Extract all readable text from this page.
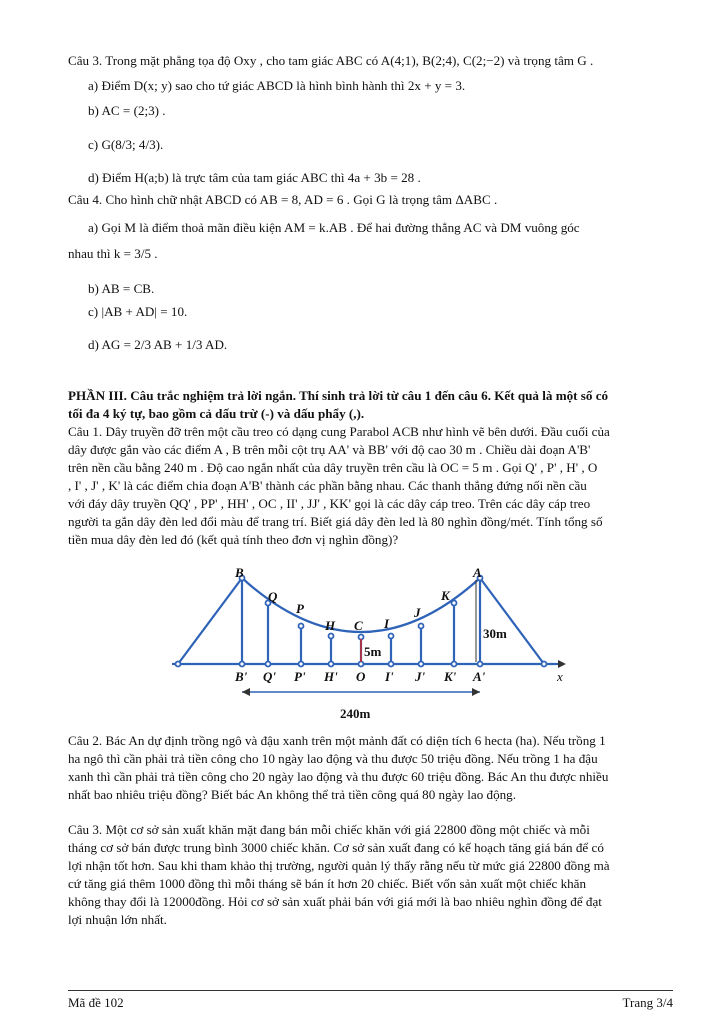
Câu 3. Trong mặt phẳng tọa độ Oxy , cho tam giác ABC có A(4;1), B(2;4), C(2;−2) và trọng tâm G .
a) Điểm D(x; y) sao cho tứ giác ABCD là hình bình hành thì 2x + y = 3.
b) AC = (2;3) .
c) G(8/3; 4/3).
d) Điểm H(a;b) là trực tâm của tam giác ABC thì 4a + 3b = 28 .
Câu 4. Cho hình chữ nhật ABCD có AB = 8, AD = 6 . Gọi G là trọng tâm ΔABC .
a) Gọi M là điểm thoả mãn điều kiện AM = k.AB . Để hai đường thẳng AC và DM vuông góc
nhau thì k = 3/5 .
b) AB = CB.
c) |AB + AD| = 10.
d) AG = 2/3 AB + 1/3 AD.
PHẦN III. Câu trắc nghiệm trả lời ngắn. Thí sinh trả lời từ câu 1 đến câu 6. Kết quả là một số có
tối đa 4 ký tự, bao gồm cả dấu trừ (-) và dấu phẩy (,).
Câu 1. Dây truyền đỡ trên một cầu treo có dạng cung Parabol ACB như hình vẽ bên dưới. Đầu cuối của
dây được gắn vào các điểm A , B trên mỗi cột trụ AA' và BB' với độ cao 30 m . Chiều dài đoạn A'B'
trên nền cầu bằng 240 m . Độ cao ngắn nhất của dây truyền trên cầu là OC = 5 m . Gọi Q' , P' , H' , O
, I' , J' , K' là các điểm chia đoạn A'B' thành các phần bằng nhau. Các thanh thẳng đứng nối nền cầu
với đáy dây truyền QQ' , PP' , HH' , OC , II' , JJ' , KK' gọi là các dây cáp treo. Trên các dây cáp treo
người ta gắn dây đèn led đổi màu để trang trí. Biết giá dây đèn led là 80 nghìn đồng/mét. Tính tổng số
tiền mua dây đèn led đó (kết quả tính theo đơn vị nghìn đồng)?
B
Q
P
H C I
J
K
A
B' Q' P' H' O I' J' K' A'	x
30m
5m
240m
Câu 2. Bác An dự định trồng ngô và đậu xanh trên một mảnh đất có diện tích 6 hecta (ha). Nếu trồng 1
ha ngô thì cần phải trả tiền công cho 10 ngày lao động và thu được 50 triệu đồng. Nếu trồng 1 ha đậu
xanh thì cần phải trả tiền công cho 20 ngày lao động và thu được 60 triệu đồng. Bác An thu được nhiều
nhất bao nhiêu triệu đồng? Biết bác An không thể trả tiền công quá 80 ngày lao động.
Câu 3. Một cơ sở sản xuất khăn mặt đang bán mỗi chiếc khăn với giá 22800 đồng một chiếc và mỗi
tháng cơ sở bán được trung bình 3000 chiếc khăn. Cơ sở sản xuất đang có kế hoạch tăng giá bán để có
lợi nhận tốt hơn. Sau khi tham khảo thị trường, người quản lý thấy rằng nếu từ mức giá 22800 đồng mà
cứ tăng giá thêm 1000 đồng thì mỗi tháng sẽ bán ít hơn 20 chiếc. Biết vốn sản xuất một chiếc khăn
không thay đổi là 12000đồng. Hỏi cơ sở sản xuất phải bán với giá mới là bao nhiêu nghìn đồng để đạt
lợi nhuận lớn nhất.
Mã đề 102	Trang 3/4
